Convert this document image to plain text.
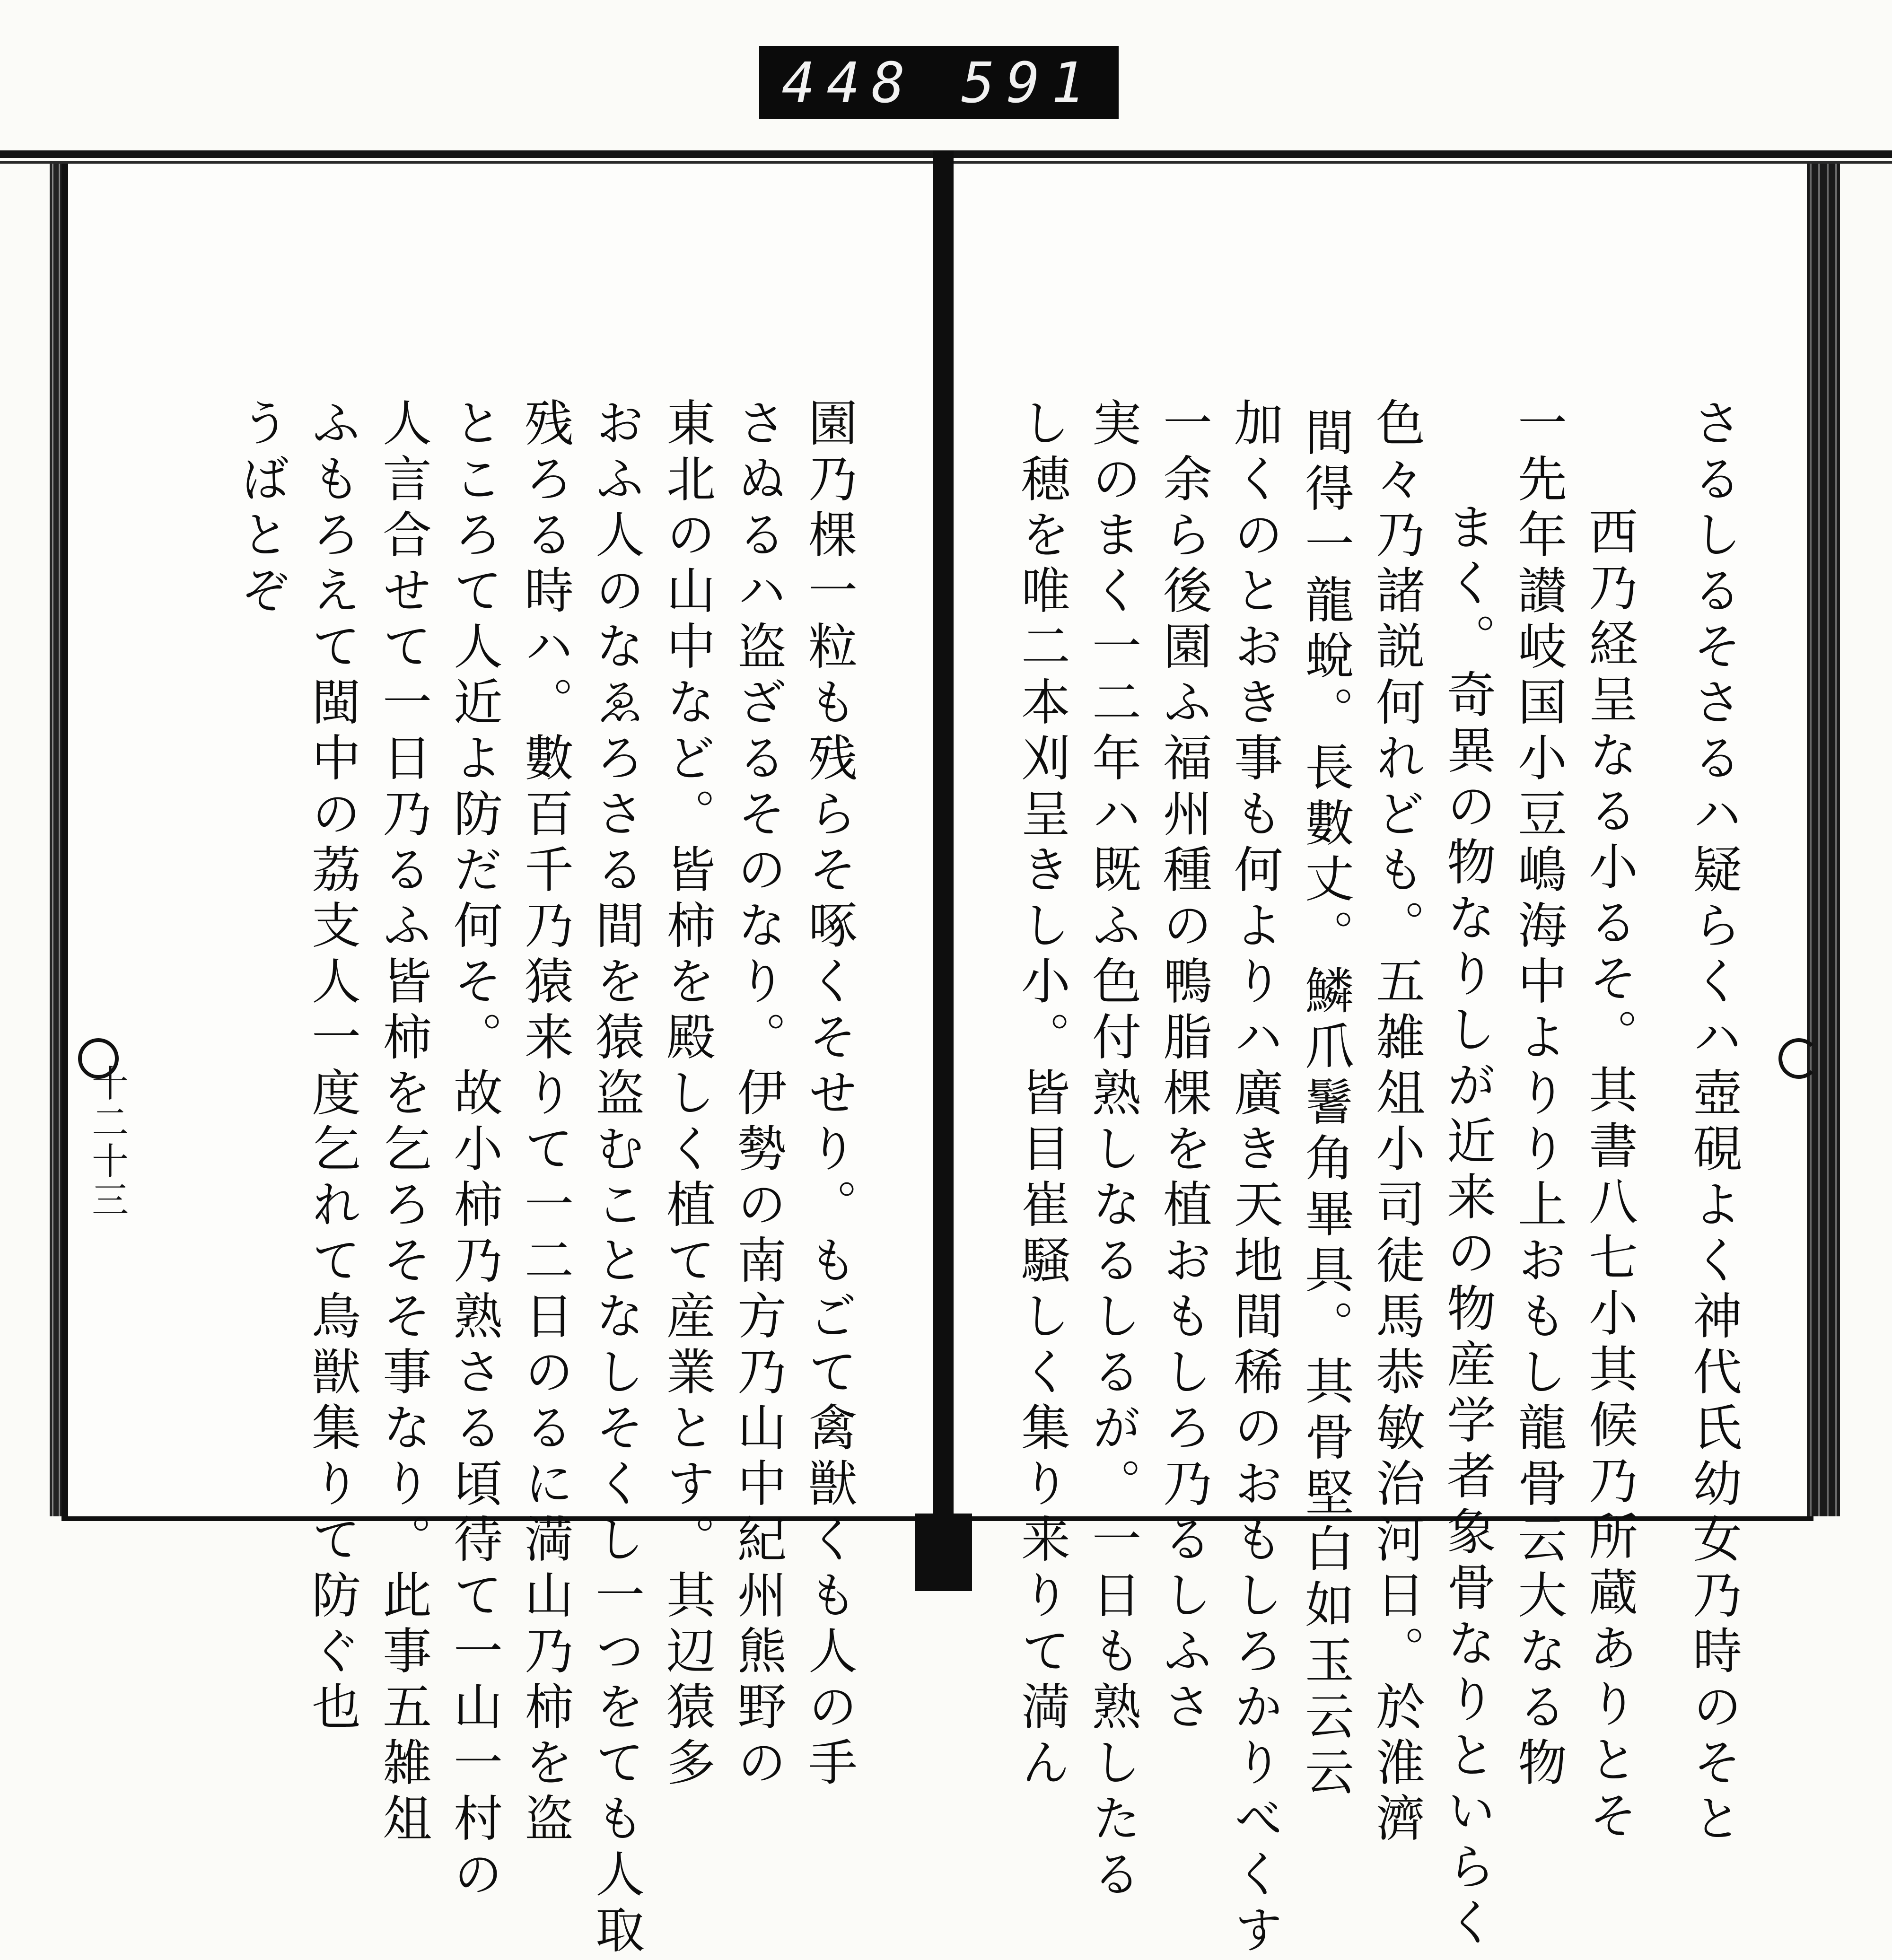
448 591
十二十三	さるしるそさるハ疑らくハ壺硯よく神代氏幼女乃時のそと
西乃経呈なる小るそ。其書八七小其候乃所蔵ありとそ
一先年讃岐国小豆嶋海中よりり上おもし龍骨云大なる物
まく。奇異の物なりしが近来の物産学者象骨なりといらく
色々乃諸説何れども。五雑俎小司徒馬恭敏治河日。於淮濟
間得一龍蛻。長數丈。鱗爪鬐角畢具。其骨堅白如玉云云
加くのとおき事も何よりハ廣き天地間稀のおもしろかりべくす
一余ら後園ふ福州種の鴨脂棵を植おもしろ乃るしふさ
実のまく一二年ハ既ふ色付熟しなるしるが。一日も熟したる
し穂を唯二本刈呈きし小。皆目崔騒しく集り来りて満ん
園乃棵一粒も残らそ啄くそせり。もごて禽獣くも人の手
さぬるハ盗ざるそのなり。伊勢の南方乃山中紀州熊野の
東北の山中など。皆柿を殿しく植て産業とす。其辺猿多
おふ人のなゑろさる間を猿盗むことなしそくし一つをても人取
残ろる時ハ。數百千乃猿来りて一二日のるに満山乃柿を盗
ところて人近よ防だ何そ。故小柿乃熟さる頃待て一山一村の
人言合せて一日乃るふ皆柿を乞ろそそ事なり。此事五雑俎
ふもろえて閩中の荔支人一度乞れて鳥獣集りて防ぐ也
うばとぞ
